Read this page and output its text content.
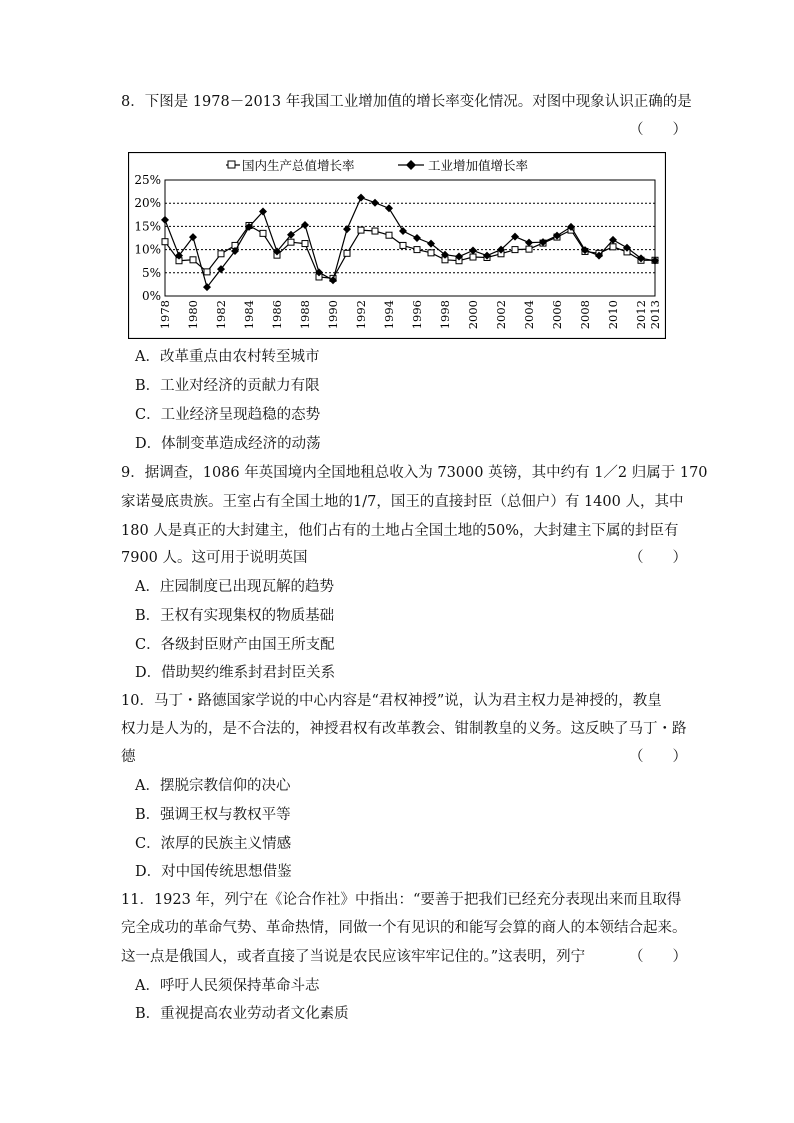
8．下图是 1978－2013 年我国工业增加值的增长率变化情况。对图中现象认识正确的是
（　　）
国内生产总值增长率	工业增加值增长率
0%
5%
10%
15%
20%
25%
1978 1980 1982 1984 1986 1988 1990 1992 1994 1996 1998 2000 2002 2004 2006 2008 2010 2012 2013
A．改革重点由农村转至城市
B．工业对经济的贡献力有限
C．工业经济呈现趋稳的态势
D．体制变革造成经济的动荡
9．据调查，1086 年英国境内全国地租总收入为 73000 英镑，其中约有 1／2 归属于 170
家诺曼底贵族。王室占有全国土地的1/7，国王的直接封臣（总佃户）有 1400 人，其中
180 人是真正的大封建主，他们占有的土地占全国土地的50%，大封建主下属的封臣有
7900 人。这可用于说明英国	（　　）
A．庄园制度已出现瓦解的趋势
B．王权有实现集权的物质基础
C．各级封臣财产由国王所支配
D．借助契约维系封君封臣关系
10．马丁・路德国家学说的中心内容是“君权神授”说，认为君主权力是神授的，教皇
权力是人为的，是不合法的，神授君权有改革教会、钳制教皇的义务。这反映了马丁・路
德	（　　）
A．摆脱宗教信仰的决心
B．强调王权与教权平等
C．浓厚的民族主义情感
D．对中国传统思想借鉴
11．1923 年，列宁在《论合作社》中指出：“要善于把我们已经充分表现出来而且取得
完全成功的革命气势、革命热情，同做一个有见识的和能写会算的商人的本领结合起来。
这一点是俄国人，或者直接了当说是农民应该牢牢记住的。”这表明，列宁	（　　）
A．呼吁人民须保持革命斗志
B．重视提高农业劳动者文化素质
